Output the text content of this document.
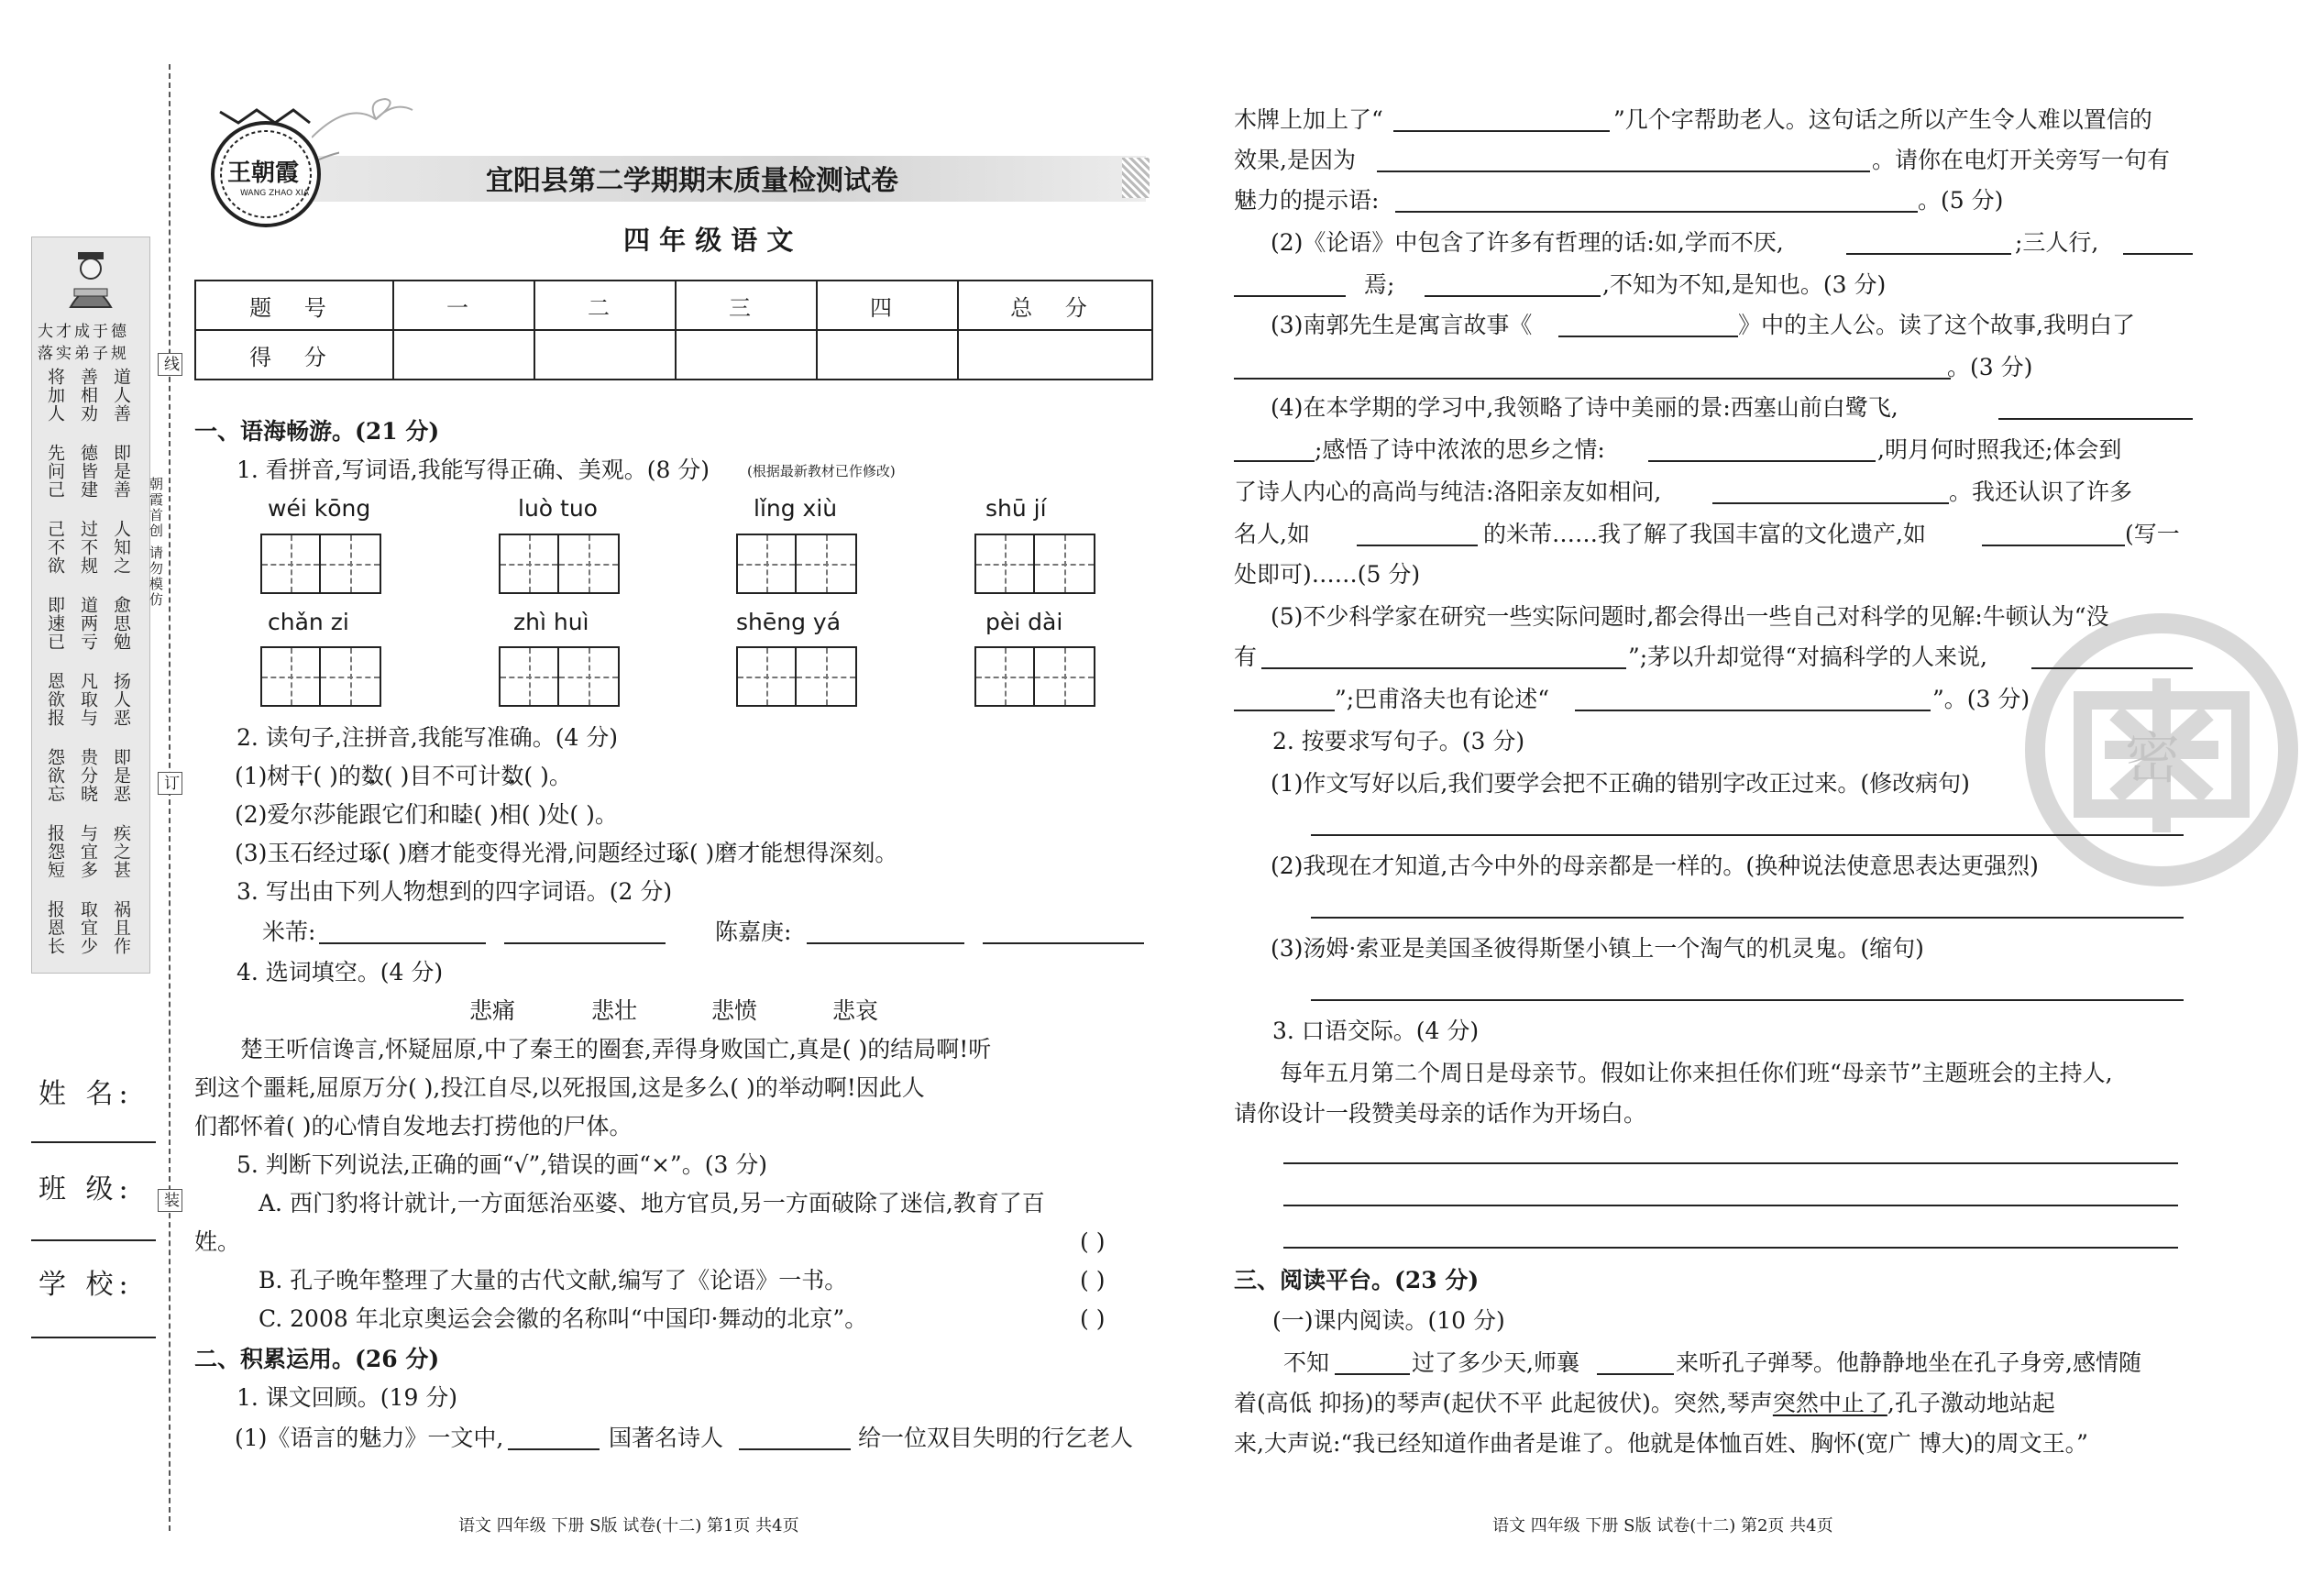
大才成于德
落实弟子规
将加人 善相劝 道人善
先问己 德皆建 即是善
己不欲 过不规 人知之
即速已 道两亏 愈思勉
恩欲报 凡取与 扬人恶
怨欲忘 贵分晓 即是恶
报怨短 与宜多 疾之甚
报恩长 取宜少 祸且作
线
订
装
朝霞首创 请勿模仿
姓 名:
班 级:
学 校:
王朝霞
WANG ZHAO XIA	宜阳县第二学期期末质量检测试卷
四 年 级 语 文
题 号	一	二	三	四	总 分
得 分					
一、语海畅游。(21 分)
1. 看拼音,写词语,我能写得正确、美观。(8 分)	(根据最新教材已作修改)
wéi kōng	luò tuo	lǐng xiù	shū jí
chǎn zi	zhì huì	shēng yá	pèi dài
2. 读句子,注拼音,我能写准确。(4 分)
(1)树干( )的数( )目不可计数( )。
(2)爱尔莎能跟它们和睦( )相( )处( )。
(3)玉石经过琢( )磨才能变得光滑,问题经过琢( )磨才能想得深刻。
3. 写出由下列人物想到的四字词语。(2 分)
米芾:	陈嘉庚:
4. 选词填空。(4 分)
悲痛	悲壮	悲愤	悲哀
楚王听信谗言,怀疑屈原,中了秦王的圈套,弄得身败国亡,真是( )的结局啊!听
到这个噩耗,屈原万分( ),投江自尽,以死报国,这是多么( )的举动啊!因此人
们都怀着( )的心情自发地去打捞他的尸体。
5. 判断下列说法,正确的画“√”,错误的画“×”。(3 分)
A. 西门豹将计就计,一方面惩治巫婆、地方官员,另一方面破除了迷信,教育了百
姓。	( )
B. 孔子晚年整理了大量的古代文献,编写了《论语》一书。	( )
C. 2008 年北京奥运会会徽的名称叫“中国印·舞动的北京”。	( )
二、积累运用。(26 分)
1. 课文回顾。(19 分)
(1)《语言的魅力》一文中,	国著名诗人	给一位双目失明的行乞老人
语文 四年级 下册 S版 试卷(十二) 第1页 共4页
密
木牌上加上了“	”几个字帮助老人。这句话之所以产生令人难以置信的
效果,是因为	。请你在电灯开关旁写一句有
魅力的提示语:	。(5 分)
(2)《论语》中包含了许多有哲理的话:如,学而不厌,	;三人行,
焉;	,不知为不知,是知也。(3 分)
(3)南郭先生是寓言故事《	》中的主人公。读了这个故事,我明白了
。(3 分)
(4)在本学期的学习中,我领略了诗中美丽的景:西塞山前白鹭飞,
;感悟了诗中浓浓的思乡之情:	,明月何时照我还;体会到
了诗人内心的高尚与纯洁:洛阳亲友如相问,	。我还认识了许多
名人,如	的米芾……我了解了我国丰富的文化遗产,如	(写一
处即可)……(5 分)
(5)不少科学家在研究一些实际问题时,都会得出一些自己对科学的见解:牛顿认为“没
有	”;茅以升却觉得“对搞科学的人来说,
”;巴甫洛夫也有论述“	”。(3 分)
2. 按要求写句子。(3 分)
(1)作文写好以后,我们要学会把不正确的错别字改正过来。(修改病句)
(2)我现在才知道,古今中外的母亲都是一样的。(换种说法使意思表达更强烈)
(3)汤姆·索亚是美国圣彼得斯堡小镇上一个淘气的机灵鬼。(缩句)
3. 口语交际。(4 分)
每年五月第二个周日是母亲节。假如让你来担任你们班“母亲节”主题班会的主持人,
请你设计一段赞美母亲的话作为开场白。
三、阅读平台。(23 分)
(一)课内阅读。(10 分)
不知	过了多少天,师襄	来听孔子弹琴。他静静地坐在孔子身旁,感情随
着(高低 抑扬)的琴声(起伏不平 此起彼伏)。突然,琴声突然中止了,孔子激动地站起
来,大声说:“我已经知道作曲者是谁了。他就是体恤百姓、胸怀(宽广 博大)的周文王。”
语文 四年级 下册 S版 试卷(十二) 第2页 共4页
